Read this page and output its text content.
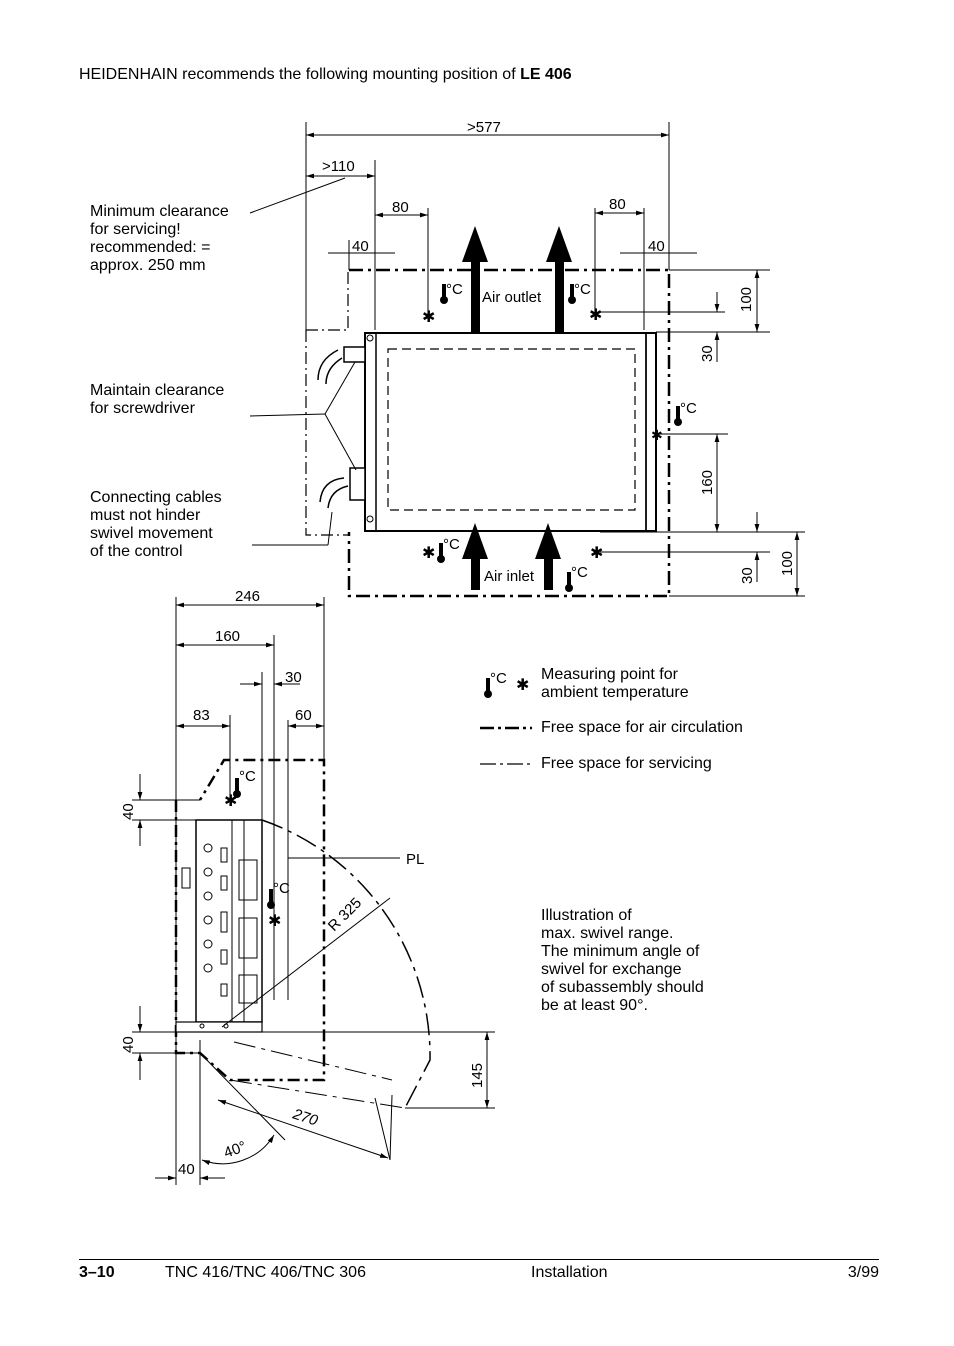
HEIDENHAIN recommends the following mounting position of LE 406
Minimum clearance
for servicing!
recommended: =
approx. 250 mm
Maintain clearance
for screwdriver
Connecting cables
must not hinder
swivel movement
of the control
Illustration of
max. swivel range.
The minimum angle of
swivel for exchange
of subassembly should
be at least 90°.
Measuring point for
ambient temperature
Free space for air circulation
Free space for servicing
>577
>110
80	80
40	40
100
30
160
30 100
Air outlet
Air inlet
°C	°C
°C
°C
°C
✱	✱
✱
✱	✱
246
160
30
83	60
40
40
145
270
R 325
40
40°
PL
°C
°C
✱
✱
°C ✱
3–10	TNC 416/TNC 406/TNC 306	Installation	3/99
